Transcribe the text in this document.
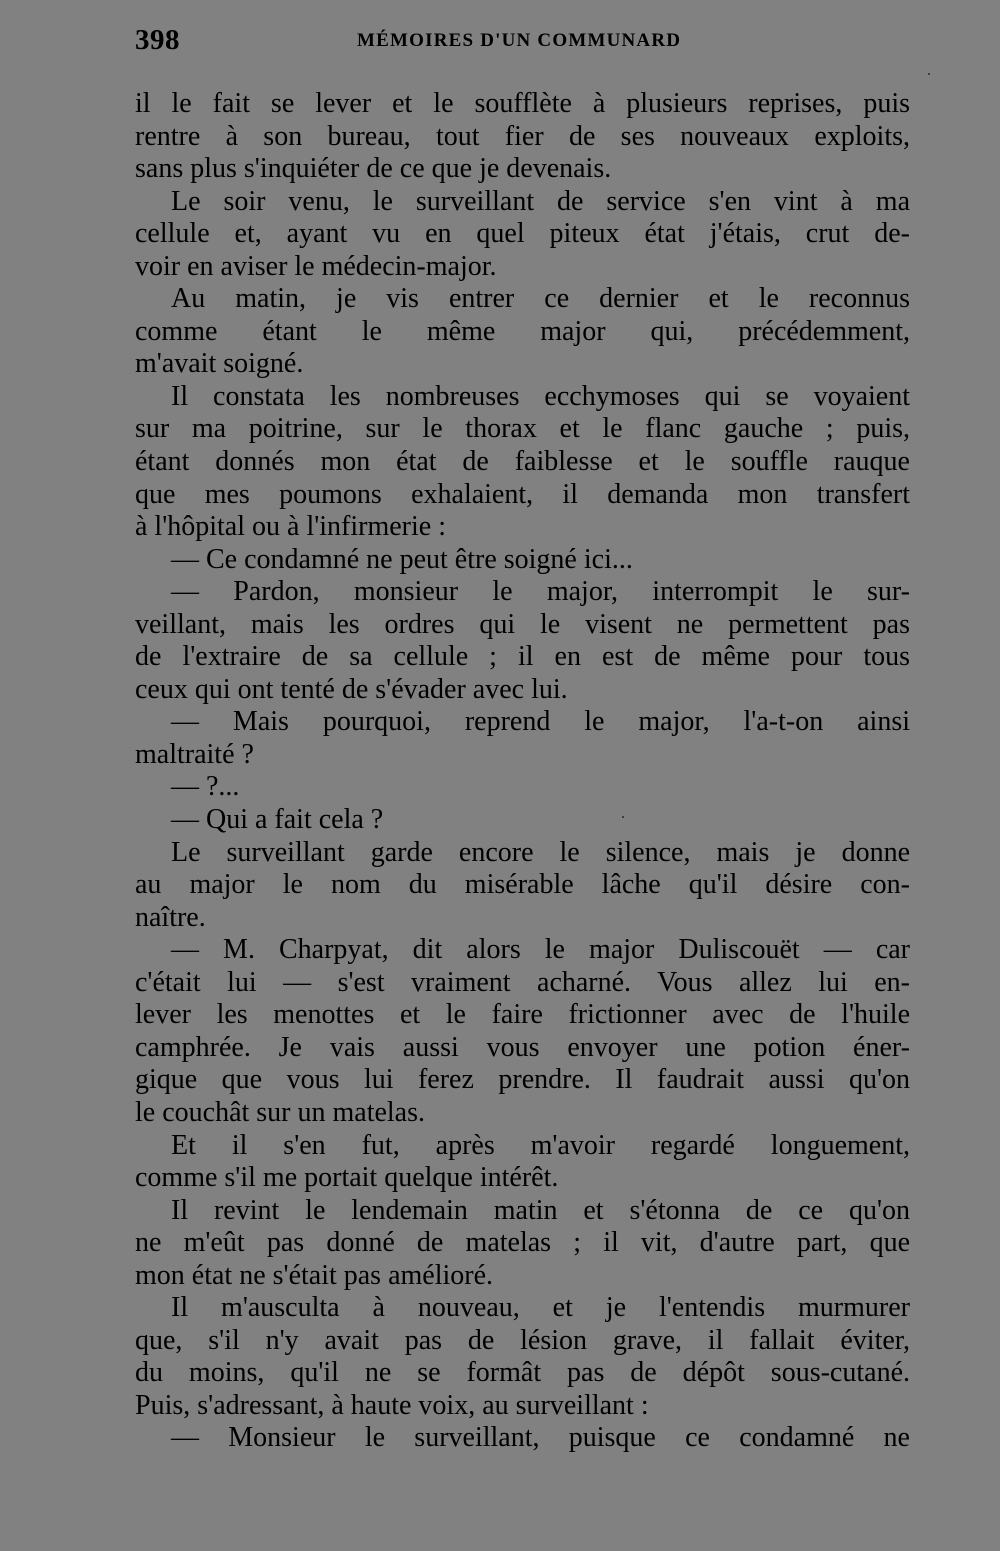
398	MÉMOIRES D'UN COMMUNARD
il le fait se lever et le soufflète à plusieurs reprises, puis
rentre à son bureau, tout fier de ses nouveaux exploits,
sans plus s'inquiéter de ce que je devenais.
Le soir venu, le surveillant de service s'en vint à ma
cellule et, ayant vu en quel piteux état j'étais, crut de-
voir en aviser le médecin-major.
Au matin, je vis entrer ce dernier et le reconnus
comme étant le même major qui, précédemment,
m'avait soigné.
Il constata les nombreuses ecchymoses qui se voyaient
sur ma poitrine, sur le thorax et le flanc gauche ; puis,
étant donnés mon état de faiblesse et le souffle rauque
que mes poumons exhalaient, il demanda mon transfert
à l'hôpital ou à l'infirmerie :
— Ce condamné ne peut être soigné ici...
— Pardon, monsieur le major, interrompit le sur-
veillant, mais les ordres qui le visent ne permettent pas
de l'extraire de sa cellule ; il en est de même pour tous
ceux qui ont tenté de s'évader avec lui.
— Mais pourquoi, reprend le major, l'a-t-on ainsi
maltraité ?
— ?...
— Qui a fait cela ?
Le surveillant garde encore le silence, mais je donne
au major le nom du misérable lâche qu'il désire con-
naître.
— M. Charpyat, dit alors le major Duliscouët — car
c'était lui — s'est vraiment acharné. Vous allez lui en-
lever les menottes et le faire frictionner avec de l'huile
camphrée. Je vais aussi vous envoyer une potion éner-
gique que vous lui ferez prendre. Il faudrait aussi qu'on
le couchât sur un matelas.
Et il s'en fut, après m'avoir regardé longuement,
comme s'il me portait quelque intérêt.
Il revint le lendemain matin et s'étonna de ce qu'on
ne m'eût pas donné de matelas ; il vit, d'autre part, que
mon état ne s'était pas amélioré.
Il m'ausculta à nouveau, et je l'entendis murmurer
que, s'il n'y avait pas de lésion grave, il fallait éviter,
du moins, qu'il ne se formât pas de dépôt sous-cutané.
Puis, s'adressant, à haute voix, au surveillant :
— Monsieur le surveillant, puisque ce condamné ne
